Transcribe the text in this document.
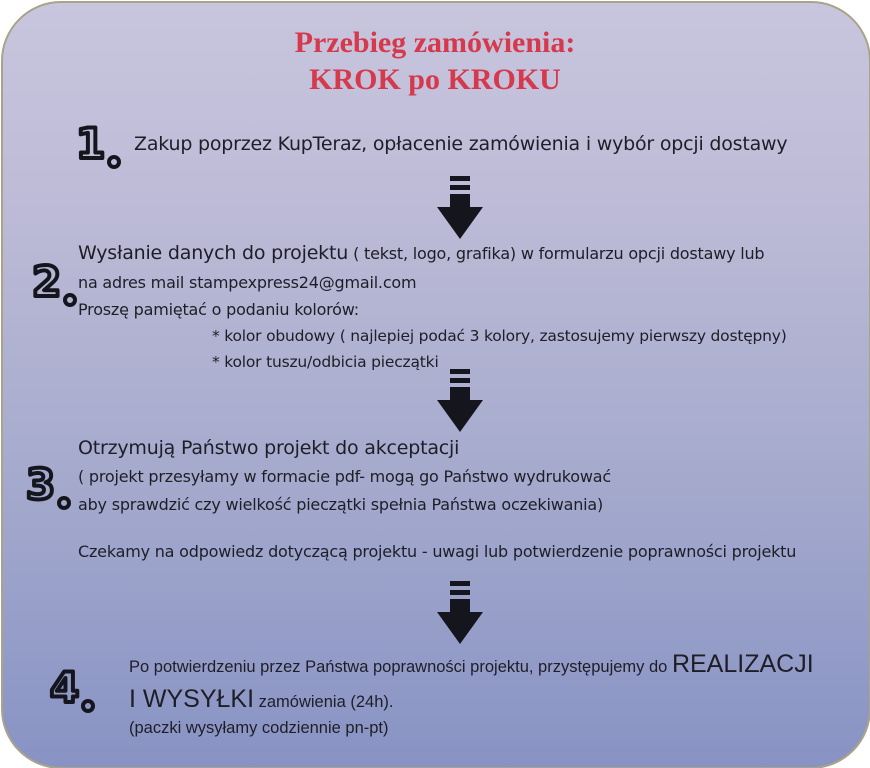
Przebieg zamówienia:
KROK po KROKU
1 Zakup poprzez KupTeraz, opłacenie zamówienia i wybór opcji dostawy
2
Wysłanie danych do projektu ( tekst, logo, grafika) w formularzu opcji dostawy lub
na adres mail stampexpress24@gmail.com
Proszę pamiętać o podaniu kolorów:
* kolor obudowy ( najlepiej podać 3 kolory, zastosujemy pierwszy dostępny)
* kolor tuszu/odbicia pieczątki
3
Otrzymują Państwo projekt do akceptacji
( projekt przesyłamy w formacie pdf- mogą go Państwo wydrukować
aby sprawdzić czy wielkość pieczątki spełnia Państwa oczekiwania)
Czekamy na odpowiedz dotyczącą projektu - uwagi lub potwierdzenie poprawności projektu
4	Po potwierdzeniu przez Państwa poprawności projektu, przystępujemy do REALIZACJI
I WYSYŁKI zamówienia (24h).
(paczki wysyłamy codziennie pn-pt)
